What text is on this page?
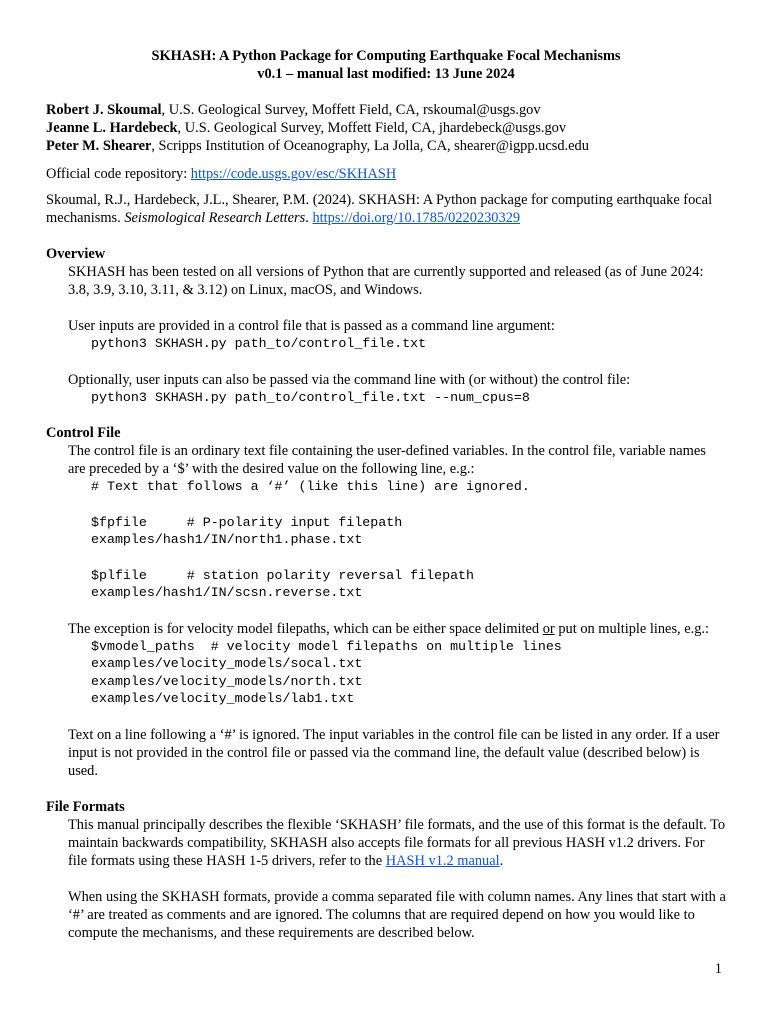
SKHASH: A Python Package for Computing Earthquake Focal Mechanisms

v0.1 – manual last modified: 13 June 2024

Robert J. Skoumal, U.S. Geological Survey, Moffett Field, CA, rskoumal@usgs.gov

Jeanne L. Hardebeck, U.S. Geological Survey, Moffett Field, CA, jhardebeck@usgs.gov

Peter M. Shearer, Scripps Institution of Oceanography, La Jolla, CA, shearer@igpp.ucsd.edu

Official code repository: https://code.usgs.gov/esc/SKHASH

Skoumal, R.J., Hardebeck, J.L., Shearer, P.M. (2024). SKHASH: A Python package for computing earthquake focal mechanisms. Seismological Research Letters. https://doi.org/10.1785/0220230329

Overview

SKHASH has been tested on all versions of Python that are currently supported and released (as of June 2024: 3.8, 3.9, 3.10, 3.11, & 3.12) on Linux, macOS, and Windows.

User inputs are provided in a control file that is passed as a command line argument:

python3 SKHASH.py path_to/control_file.txt

Optionally, user inputs can also be passed via the command line with (or without) the control file:

python3 SKHASH.py path_to/control_file.txt --num_cpus=8

Control File

The control file is an ordinary text file containing the user-defined variables. In the control file, variable names are preceded by a ‘$’ with the desired value on the following line, e.g.:

# Text that follows a ‘#’ (like this line) are ignored.
$fpfile     # P-polarity input filepath
examples/hash1/IN/north1.phase.txt
$plfile     # station polarity reversal filepath
examples/hash1/IN/scsn.reverse.txt

The exception is for velocity model filepaths, which can be either space delimited or put on multiple lines, e.g.:

$vmodel_paths  # velocity model filepaths on multiple lines
examples/velocity_models/socal.txt
examples/velocity_models/north.txt
examples/velocity_models/lab1.txt

Text on a line following a ‘#’ is ignored. The input variables in the control file can be listed in any order. If a user input is not provided in the control file or passed via the command line, the default value (described below) is used.

File Formats

This manual principally describes the flexible ‘SKHASH’ file formats, and the use of this format is the default. To maintain backwards compatibility, SKHASH also accepts file formats for all previous HASH v1.2 drivers. For file formats using these HASH 1-5 drivers, refer to the HASH v1.2 manual.

When using the SKHASH formats, provide a comma separated file with column names. Any lines that start with a ‘#’ are treated as comments and are ignored. The columns that are required depend on how you would like to compute the mechanisms, and these requirements are described below.

1
